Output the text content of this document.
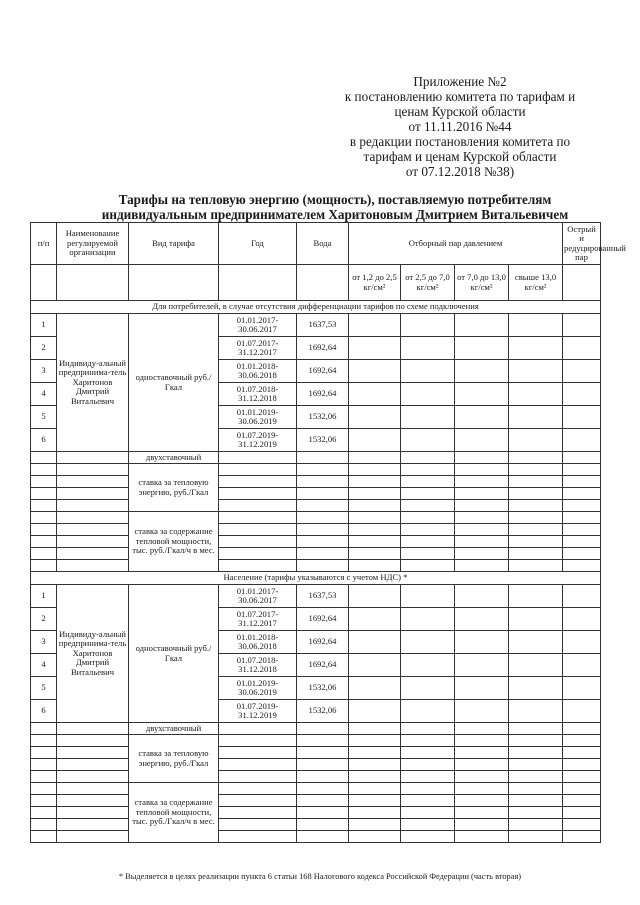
Приложение №2
к постановлению комитета по тарифам и
ценам Курской области
от 11.11.2016 №44
в редакции постановления комитета по
тарифам и ценам Курской области
от 07.12.2018 №38)
Тарифы на тепловую энергию (мощность), поставляемую потребителям
индивидуальным предпринимателем Харитоновым Дмитрием Витальевичем
п/п	Наименование регулируемой организации	Вид тарифа	Год	Вода	Отборный пар давлением				Острый и редуцированный пар
					от 1,2 до 2,5 кг/см²	от 2,5 до 7,0 кг/см²	от 7,0 до 13,0 кг/см²	свыше 13,0 кг/см²	
Для потребителей, в случае отсутствия дифференциации тарифов по схеме подключения									
1	Индивиду-альный предпринима-тель Харитонов Дмитрий Витальевич	одноставочный руб./Гкал	01.01.2017-30.06.2017	1637,53					
2			01.07.2017-31.12.2017	1692,64					
3			01.01.2018-30.06.2018	1692,64					
4			01.07.2018-31.12.2018	1692,64					
5			01.01.2019-30.06.2019	1532,06					
6			01.07.2019-31.12.2019	1532,06					
		двухставочный							
		ставка за тепловую энергию, руб./Гкал							

		ставка за содержание тепловой мощности, тыс. руб./Гкал/ч в мес.							

Население (тарифы указываются с учетом НДС) *									
1	Индивиду-альный предпринима-тель Харитонов Дмитрий Витальевич	одноставочный руб./Гкал	01.01.2017-30.06.2017	1637,53					
2			01.07.2017-31.12.2017	1692,64					
3			01.01.2018-30.06.2018	1692,64					
4			01.07.2018-31.12.2018	1692,64					
5			01.01.2019-30.06.2019	1532,06					
6			01.07.2019-31.12.2019	1532,06					
		двухставочный							
		ставка за тепловую энергию, руб./Гкал							

		ставка за содержание тепловой мощности, тыс. руб./Гкал/ч в мес.							

* Выделяется в целях реализации пункта 6 статьи 168 Налогового кодекса Российской Федерации (часть вторая)
